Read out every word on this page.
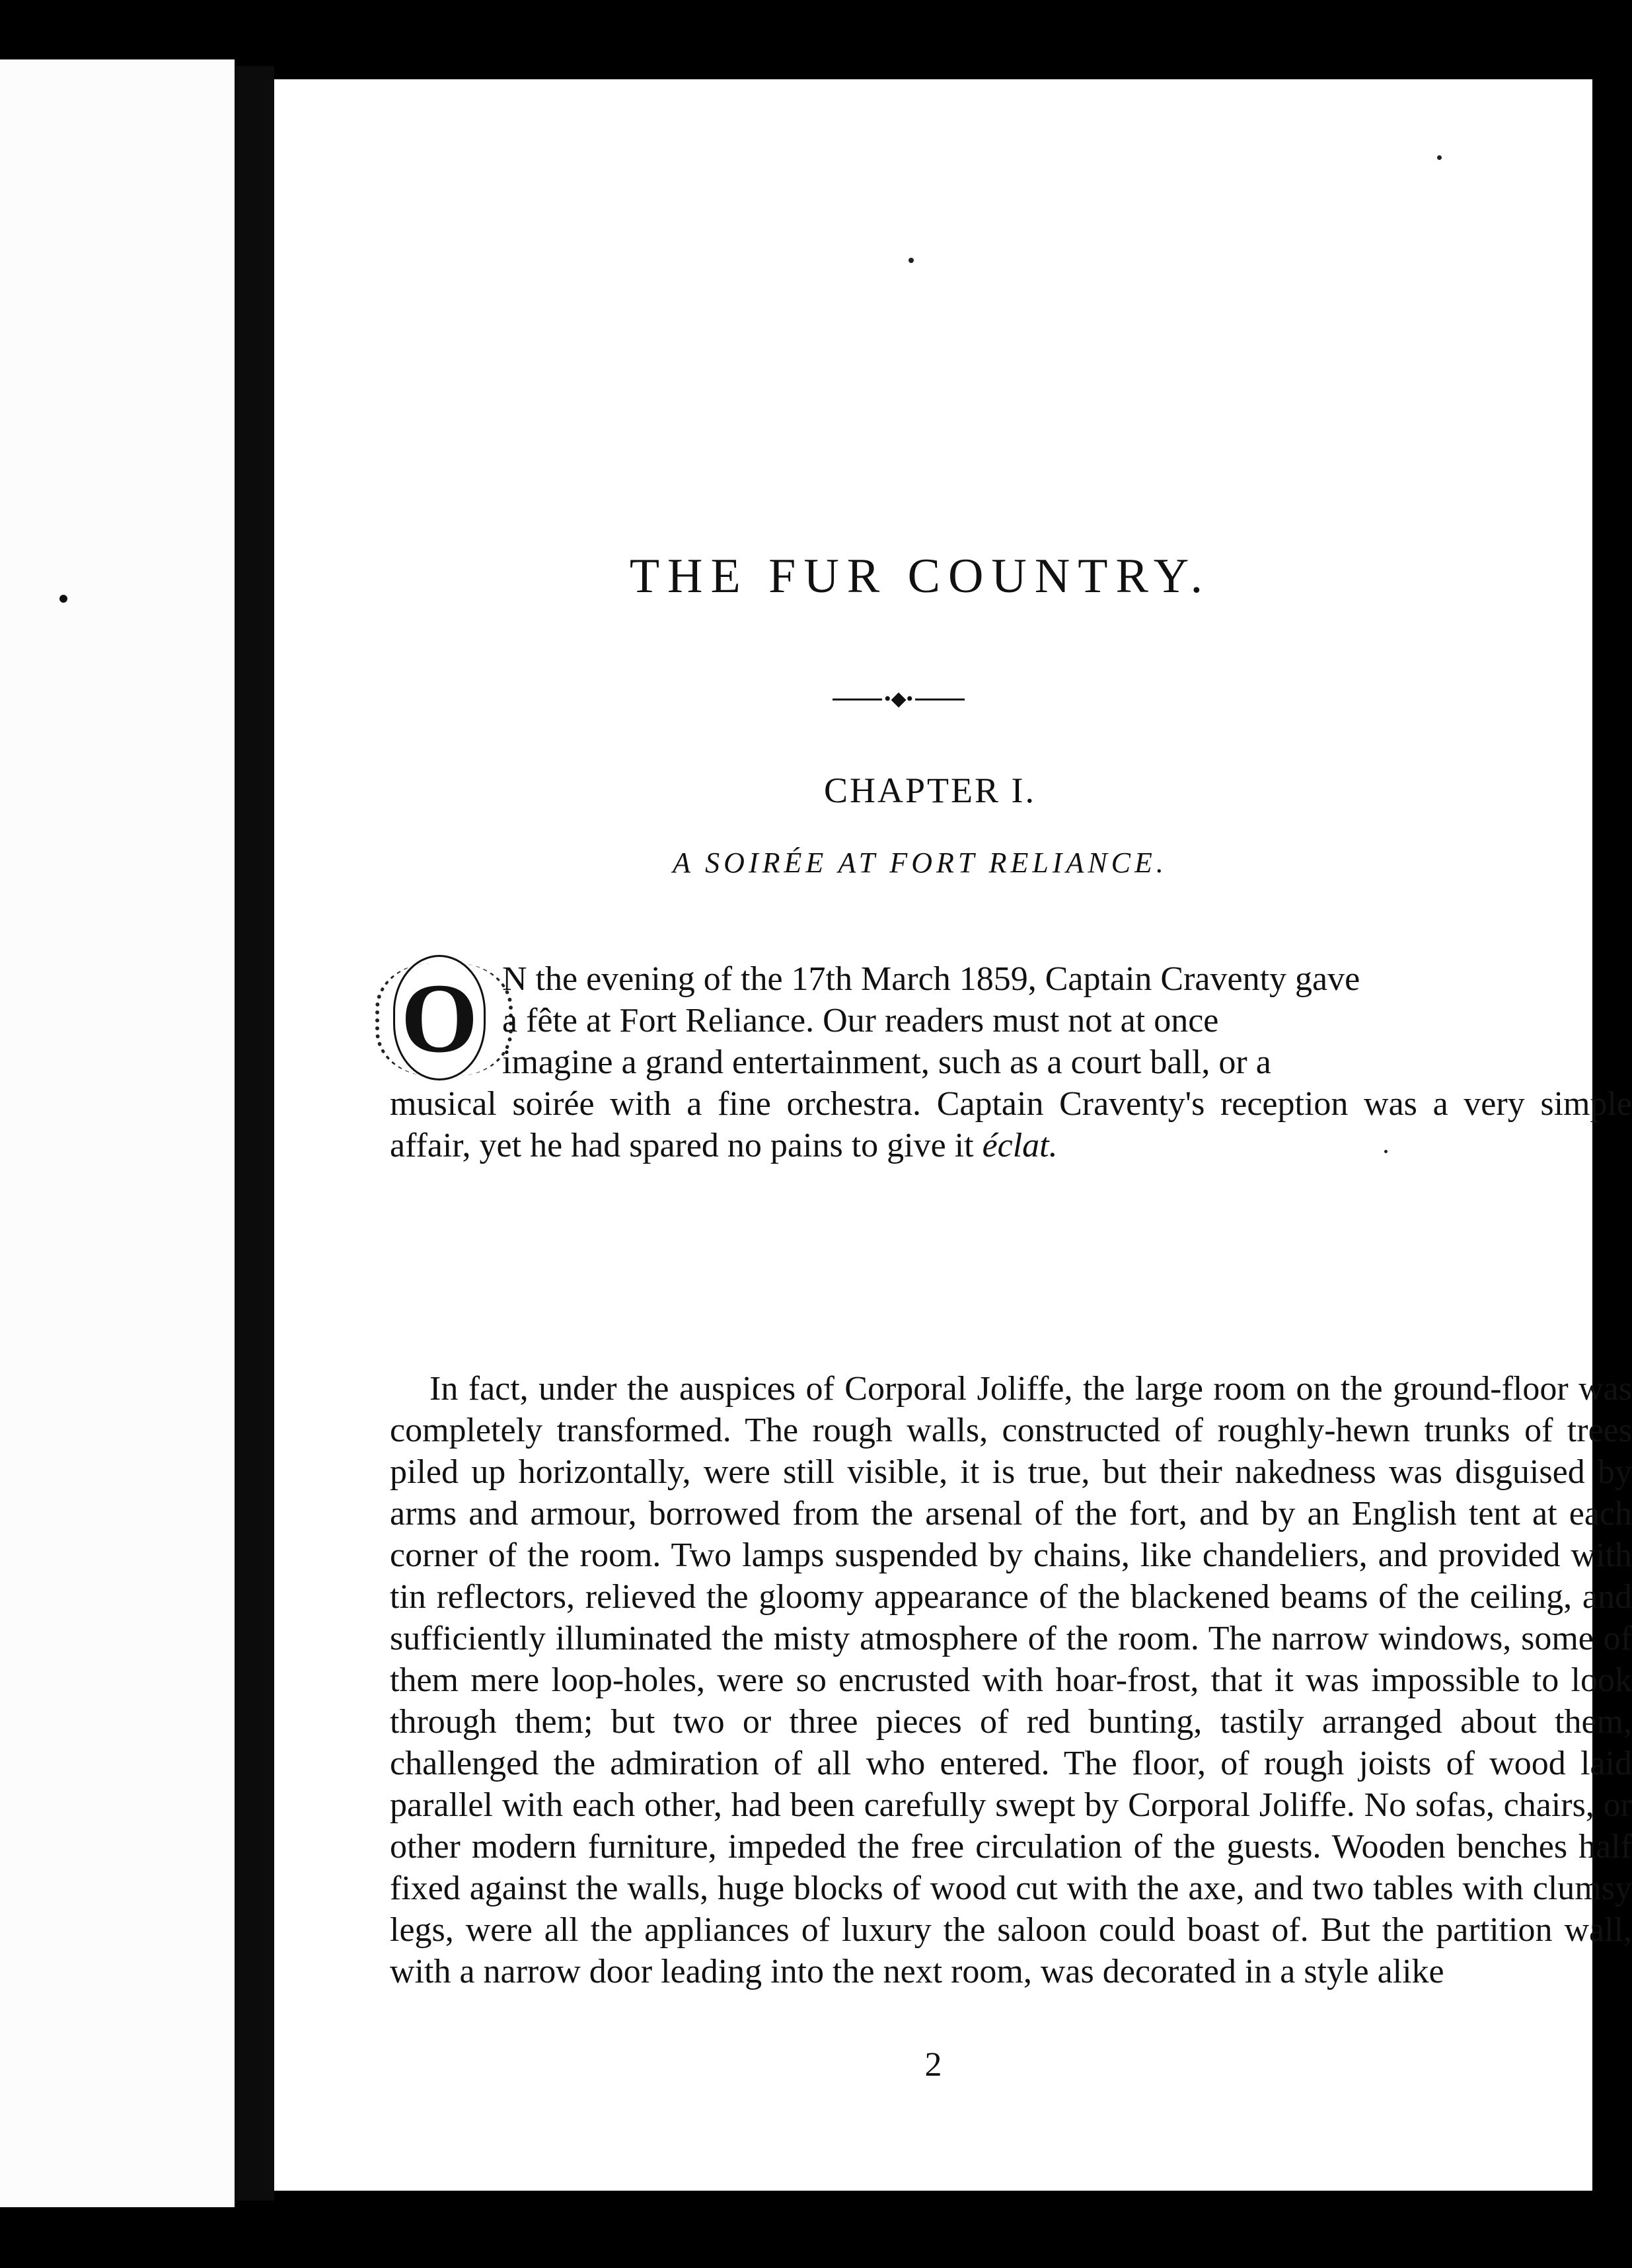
THE FUR COUNTRY.
•◆•
CHAPTER I.
A SOIRÉE AT FORT RELIANCE.
O N the evening of the 17th March 1859, Captain Craventy gave
a fête at Fort Reliance. Our readers must not at once
imagine a grand entertainment, such as a court ball, or a
musical soirée with a fine orchestra. Captain Craventy's reception was a very simple affair, yet he had spared no pains to give it éclat.
In fact, under the auspices of Corporal Joliffe, the large room on the ground-floor was completely transformed. The rough walls, constructed of roughly-hewn trunks of trees piled up horizontally, were still visible, it is true, but their nakedness was disguised by arms and armour, borrowed from the arsenal of the fort, and by an English tent at each corner of the room. Two lamps suspended by chains, like chandeliers, and provided with tin reflectors, relieved the gloomy appearance of the blackened beams of the ceiling, and sufficiently illuminated the misty atmosphere of the room. The narrow windows, some of them mere loop-holes, were so encrusted with hoar-frost, that it was impossible to look through them; but two or three pieces of red bunting, tastily arranged about them, challenged the admiration of all who entered. The floor, of rough joists of wood laid parallel with each other, had been carefully swept by Corporal Joliffe. No sofas, chairs, or other modern furniture, impeded the free circulation of the guests. Wooden benches half fixed against the walls, huge blocks of wood cut with the axe, and two tables with clumsy legs, were all the appliances of luxury the saloon could boast of. But the partition wall, with a narrow door leading into the next room, was decorated in a style alike
2
